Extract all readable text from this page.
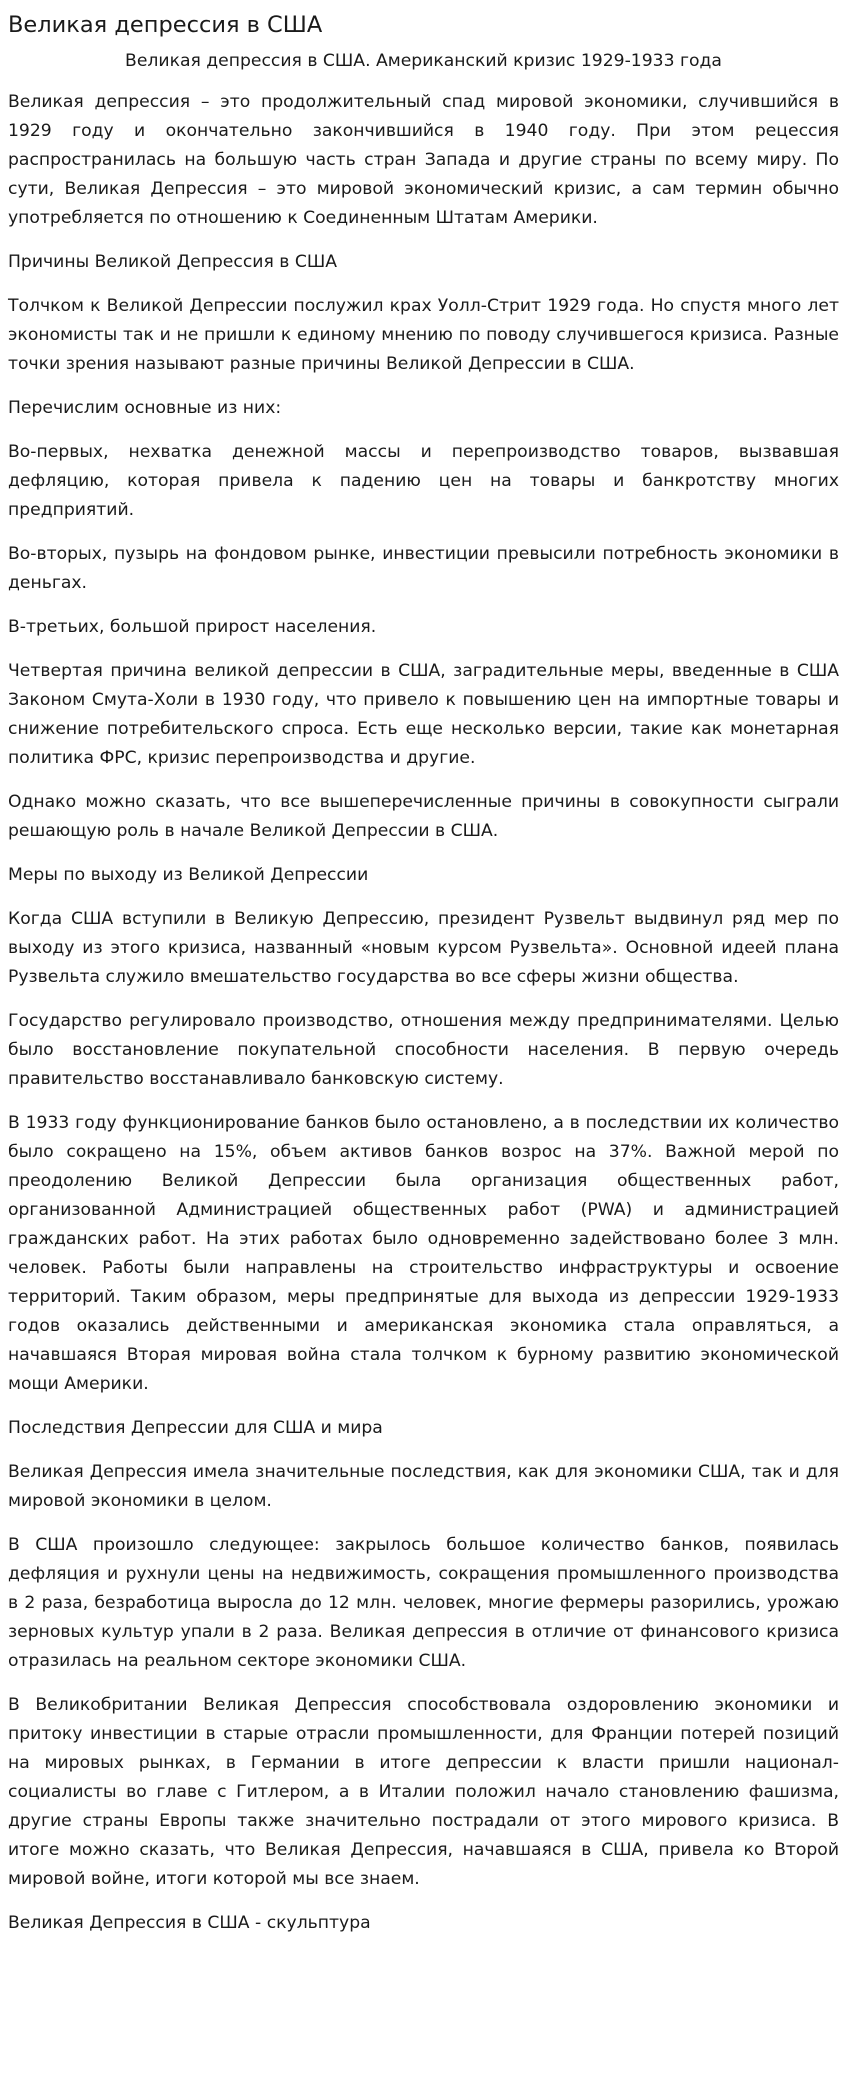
Великая депрессия в США
Великая депрессия в США. Американский кризис 1929-1933 года

Великая депрессия – это продолжительный спад мировой экономики, случившийся в 1929 году и окончательно закончившийся в 1940 году. При этом рецессия распространилась на большую часть стран Запада и другие страны по всему миру. По сути, Великая Депрессия – это мировой экономический кризис, а сам термин обычно употребляется по отношению к Соединенным Штатам Америки.

Причины Великой Депрессия в США

Толчком к Великой Депрессии послужил крах Уолл-Стрит 1929 года. Но спустя много лет экономисты так и не пришли к единому мнению по поводу случившегося кризиса. Разные точки зрения называют разные причины Великой Депрессии в США.

Перечислим основные из них:

Во-первых, нехватка денежной массы и перепроизводство товаров, вызвавшая дефляцию, которая привела к падению цен на товары и банкротству многих предприятий.

Во-вторых, пузырь на фондовом рынке, инвестиции превысили потребность экономики в деньгах.

В-третьих, большой прирост населения.

Четвертая причина великой депрессии в США, заградительные меры, введенные в США Законом Смута-Холи в 1930 году, что привело к повышению цен на импортные товары и снижение потребительского спроса. Есть еще несколько версии, такие как монетарная политика ФРС, кризис перепроизводства и другие.

Однако можно сказать, что все вышеперечисленные причины в совокупности сыграли решающую роль в начале Великой Депрессии в США.

Меры по выходу из Великой Депрессии

Когда США вступили в Великую Депрессию, президент Рузвельт выдвинул ряд мер по выходу из этого кризиса, названный «новым курсом Рузвельта». Основной идеей плана Рузвельта служило вмешательство государства во все сферы жизни общества.

Государство регулировало производство, отношения между предпринимателями. Целью было восстановление покупательной способности населения. В первую очередь правительство восстанавливало банковскую систему.

В 1933 году функционирование банков было остановлено, а в последствии их количество было сокращено на 15%, объем активов банков возрос на 37%. Важной мерой по преодолению Великой Депрессии была организация общественных работ, организованной Администрацией общественных работ (PWA) и администрацией гражданских работ. На этих работах было одновременно задействовано более 3 млн. человек. Работы были направлены на строительство инфраструктуры и освоение территорий. Таким образом, меры предпринятые для выхода из депрессии 1929-1933 годов оказались действенными и американская экономика стала оправляться, а начавшаяся Вторая мировая война стала толчком к бурному развитию экономической мощи Америки.

Последствия Депрессии для США и мира

Великая Депрессия имела значительные последствия, как для экономики США, так и для мировой экономики в целом.

В США произошло следующее: закрылось большое количество банков, появилась дефляция и рухнули цены на недвижимость, сокращения промышленного производства в 2 раза, безработица выросла до 12 млн. человек, многие фермеры разорились, урожаю зерновых культур упали в 2 раза. Великая депрессия в отличие от финансового кризиса отразилась на реальном секторе экономики США.

В Великобритании Великая Депрессия способствовала оздоровлению экономики и притоку инвестиции в старые отрасли промышленности, для Франции потерей позиций на мировых рынках, в Германии в итоге депрессии к власти пришли национал-социалисты во главе с Гитлером, а в Италии положил начало становлению фашизма, другие страны Европы также значительно пострадали от этого мирового кризиса. В итоге можно сказать, что Великая Депрессия, начавшаяся в США, привела ко Второй мировой войне, итоги которой мы все знаем.

Великая Депрессия в США - скульптура
